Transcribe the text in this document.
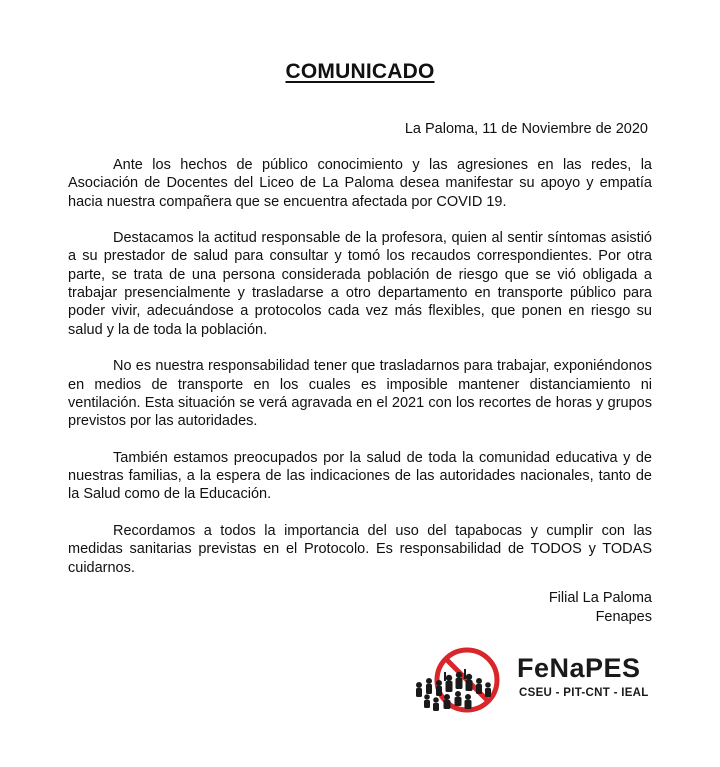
COMUNICADO
La Paloma, 11 de Noviembre de 2020

Ante los hechos de público conocimiento y las agresiones en las redes, la Asociación de Docentes del Liceo de La Paloma desea manifestar su apoyo y empatía hacia nuestra compañera que se encuentra afectada por COVID 19.

Destacamos la actitud responsable de la profesora, quien al sentir síntomas asistió a su prestador de salud para consultar y tomó los recaudos correspondientes. Por otra parte, se trata de una persona considerada población de riesgo que se vió obligada a trabajar presencialmente y trasladarse a otro departamento en transporte público para poder vivir, adecuándose a protocolos cada vez más flexibles, que ponen en riesgo su salud y la de toda la población.

No es nuestra responsabilidad tener que trasladarnos para trabajar, exponiéndonos en medios de transporte en los cuales es imposible mantener distanciamiento ni ventilación. Esta situación se verá agravada en el 2021 con los recortes de horas y grupos previstos por las autoridades.

También estamos preocupados por la salud de toda la comunidad educativa y de nuestras familias, a la espera de las indicaciones de las autoridades nacionales, tanto de la Salud como de la Educación.

Recordamos a todos la importancia del uso del tapabocas y cumplir con las medidas sanitarias previstas en el Protocolo. Es responsabilidad de TODOS y TODAS cuidarnos.

Filial La Paloma
Fenapes
FeNaPES
CSEU - PIT-CNT - IEAL
